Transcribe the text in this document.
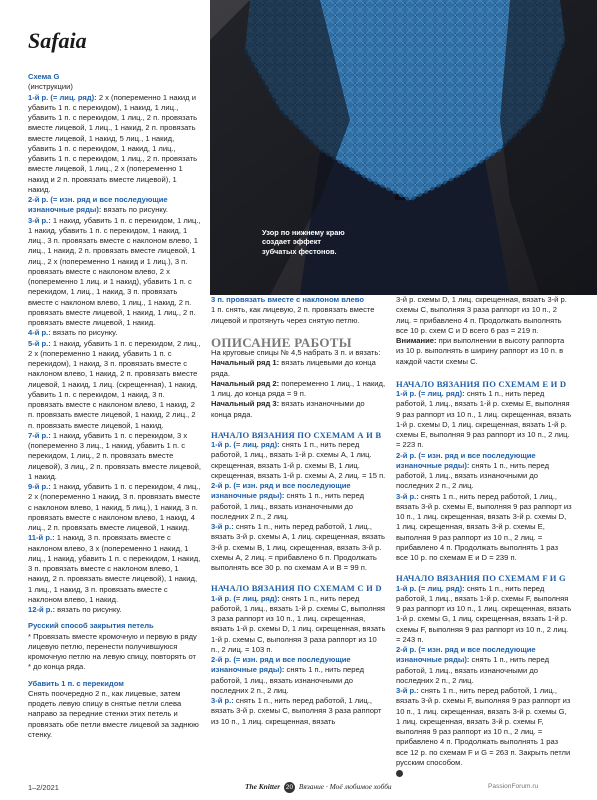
Safaia
Узор по нижнему краю создает эффект зубчатых фестонов.

Схема G

(инструкции)

1-й р. (= лиц. ряд): 2 х (попеременно 1 накид и убавить 1 п. с перекидом), 1 накид, 1 лиц., убавить 1 п. с перекидом, 1 лиц., 2 п. провязать вместе лицевой, 1 лиц., 1 накид, 2 п. провязать вместе лицевой, 1 накид, 5 лиц., 1 накид, убавить 1 п. с перекидом, 1 накид, 1 лиц., убавить 1 п. с перекидом, 1 лиц., 2 п. провязать вместе лицевой, 1 лиц., 2 х (попеременно 1 накид и 2 п. провязать вместе лицевой), 1 накид.

2-й р. (= изн. ряд и все последующие изнаночные ряды): вязать по рисунку.

3-й р.: 1 накид, убавить 1 п. с перекидом, 1 лиц., 1 накид, убавить 1 п. с перекидом, 1 накид, 1 лиц., 3 п. провязать вместе с наклоном влево, 1 лиц., 1 накид, 2 п. провязать вместе лицевой, 1 лиц., 2 х (попеременно 1 накид и 1 лиц.), 3 п. провязать вместе с наклоном влево, 2 х (попеременно 1 лиц. и 1 накид), убавить 1 п. с перекидом, 1 лиц., 1 накид, 3 п. провязать вместе с наклоном влево, 1 лиц., 1 накид, 2 п. провязать вместе лицевой, 1 накид, 1 лиц., 2 п. провязать вместе лицевой, 1 накид.

4-й р.: вязать по рисунку.

5-й р.: 1 накид, убавить 1 п. с перекидом, 2 лиц., 2 х (попеременно 1 накид, убавить 1 п. с перекидом), 1 накид, 3 п. провязать вместе с наклоном влево, 1 накид, 2 п. провязать вместе лицевой, 1 накид, 1 лиц. (скрещенная), 1 накид, убавить 1 п. с перекидом, 1 накид, 3 п. провязать вместе с наклоном влево, 1 накид, 2 п. провязать вместе лицевой, 1 накид, 2 лиц., 2 п. провязать вместе лицевой, 1 накид.

7-й р.: 1 накид, убавить 1 п. с перекидом, 3 х (попеременно 3 лиц., 1 накид, убавить 1 п. с перекидом, 1 лиц., 2 п. провязать вместе лицевой), 3 лиц., 2 п. провязать вместе лицевой, 1 накид.

9-й р.: 1 накид, убавить 1 п. с перекидом, 4 лиц., 2 х (попеременно 1 накид, 3 п. провязать вместе с наклоном влево, 1 накид, 5 лиц.), 1 накид, 3 п. провязать вместе с наклоном влево, 1 накид, 4 лиц., 2 п. провязать вместе лицевой, 1 накид.

11-й р.: 1 накид, 3 п. провязать вместе с наклоном влево, 3 х (попеременно 1 накид, 1 лиц., 1 накид, убавить 1 п. с перекидом, 1 накид, 3 п. провязать вместе с наклоном влево, 1 накид, 2 п. провязать вместе лицевой), 1 накид, 1 лиц., 1 накид, 3 п. провязать вместе с наклоном влево, 1 накид.

12-й р.: вязать по рисунку.

Русский способ закрытия петель

* Провязать вместе кромочную и первую в ряду лицевую петлю, перенести получившуюся кромочную петлю на левую спицу, повторять от * до конца ряда.

Убавить 1 п. с перекидом

Снять поочередно 2 п., как лицевые, затем продеть левую спицу в снятые петли слева направо за передние стенки этих петель и провязать обе петли вместе лицевой за заднюю стенку.

3 п. провязать вместе с наклоном влево

1 п. снять, как лицевую, 2 п. провязать вместе лицевой и протянуть через снятую петлю.

ОПИСАНИЕ РАБОТЫ

На круговые спицы № 4,5 набрать 3 п. и вязать:

Начальный ряд 1: вязать лицевыми до конца ряда.

Начальный ряд 2: попеременно 1 лиц., 1 накид, 1 лиц. до конца ряда = 9 п.

Начальный ряд 3: вязать изнаночными до конца ряда.

НАЧАЛО ВЯЗАНИЯ ПО СХЕМАМ А И В

1-й р. (= лиц. ряд): снять 1 п., нить перед работой, 1 лиц., вязать 1-й р. схемы А, 1 лиц. скрещенная, вязать 1-й р. схемы В, 1 лиц. скрещенная, вязать 1-й р. схемы А, 2 лиц. = 15 п.

2-й р. (= изн. ряд и все последующие изнаночные ряды): снять 1 п., нить перед работой, 1 лиц., вязать изнаночными до последних 2 п., 2 лиц.

3-й р.: снять 1 п., нить перед работой, 1 лиц., вязать 3-й р. схемы А, 1 лиц. скрещенная, вязать 3-й р. схемы В, 1 лиц. скрещенная, вязать 3-й р. схемы А, 2 лиц. = прибавлено 6 п. Продолжать выполнять все 30 р. по схемам А и В = 99 п.

НАЧАЛО ВЯЗАНИЯ ПО СХЕМАМ С И D

1-й р. (= лиц. ряд): снять 1 п., нить перед работой, 1 лиц., вязать 1-й р. схемы С, выполняя 3 раза раппорт из 10 п., 1 лиц. скрещенная, вязать 1-й р. схемы D, 1 лиц. скрещенная, вязать 1-й р. схемы С, выполняя 3 раза раппорт из 10 п., 2 лиц. = 103 п.

2-й р. (= изн. ряд и все последующие изнаночные ряды): снять 1 п., нить перед работой, 1 лиц., вязать изнаночными до последних 2 п., 2 лиц.

3-й р.: снять 1 п., нить перед работой, 1 лиц., вязать 3-й р. схемы С, выполняя 3 раза раппорт из 10 п., 1 лиц. скрещенная, вязать

3-й р. схемы D, 1 лиц. скрещенная, вязать 3-й р. схемы С, выполняя 3 раза раппорт из 10 п., 2 лиц. = прибавлено 4 п. Продолжать выполнять все 10 р. схем С и D всего 6 раз = 219 п.

Внимание: при выполнении в высоту раппорта из 10 р. выполнять в ширину раппорт из 10 п. в каждой части схемы С.

НАЧАЛО ВЯЗАНИЯ ПО СХЕМАМ Е И D

1-й р. (= лиц. ряд): снять 1 п., нить перед работой, 1 лиц., вязать 1-й р. схемы Е, выполняя 9 раз раппорт из 10 п., 1 лиц. скрещенная, вязать 1-й р. схемы D, 1 лиц. скрещенная, вязать 1-й р. схемы Е, выполняя 9 раз раппорт из 10 п., 2 лиц. = 223 п.

2-й р. (= изн. ряд и все последующие изнаночные ряды): снять 1 п., нить перед работой, 1 лиц., вязать изнаночными до последних 2 п., 2 лиц.

3-й р.: снять 1 п., нить перед работой, 1 лиц., вязать 3-й р. схемы Е, выполняя 9 раз раппорт из 10 п., 1 лиц. скрещенная, вязать 3-й р. схемы D, 1 лиц. скрещенная, вязать 3-й р. схемы Е, выполняя 9 раз раппорт из 10 п., 2 лиц. = прибавлено 4 п. Продолжать выполнять 1 раз все 10 р. по схемам Е и D = 239 п.

НАЧАЛО ВЯЗАНИЯ ПО СХЕМАМ F И G

1-й р. (= лиц. ряд): снять 1 п., нить перед работой, 1 лиц., вязать 1-й р. схемы F, выполняя 9 раз раппорт из 10 п., 1 лиц. скрещенная, вязать 1-й р. схемы G, 1 лиц. скрещенная, вязать 1-й р. схемы F, выполняя 9 раз раппорт из 10 п., 2 лиц. = 243 п.

2-й р. (= изн. ряд и все последующие изнаночные ряды): снять 1 п., нить перед работой, 1 лиц., вязать изнаночными до последних 2 п., 2 лиц.

3-й р.: снять 1 п., нить перед работой, 1 лиц., вязать 3-й р. схемы F, выполняя 9 раз раппорт из 10 п., 1 лиц. скрещенная, вязать 3-й р. схемы G, 1 лиц. скрещенная, вязать 3-й р. схемы F, выполняя 9 раз раппорт из 10 п., 2 лиц. = прибавлено 4 п. Продолжать выполнять 1 раз все 12 р. по схемам F и G = 263 п. Закрыть петли русским способом.

1–2/2021	The Knitter 20 Вязание · Моё любимое хобби	PassionForum.ru
